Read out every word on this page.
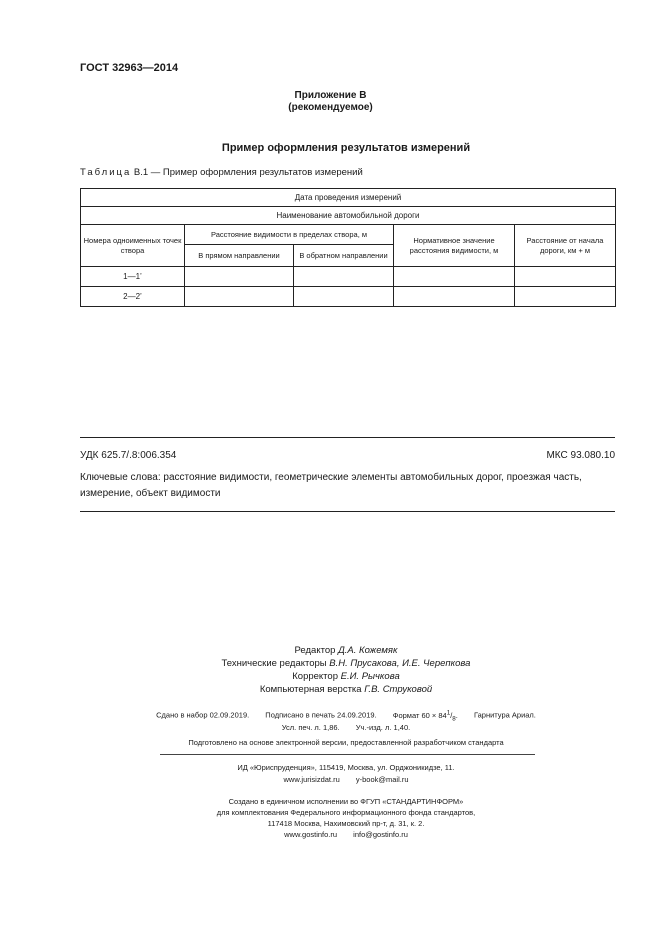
ГОСТ 32963—2014
Приложение В
(рекомендуемое)
Пример оформления результатов измерений
Таблица В.1 — Пример оформления результатов измерений
Дата проведения измерений				
Наименование автомобильной дороги				
Номера одноименных точек створа	Расстояние видимости в пределах створа, м		Нормативное значение расстояния видимости, м	Расстояние от начала дороги, км + м
	В прямом направлении	В обратном направлении		
1—1’				
2—2’				
УДК 625.7/.8:006.354	МКС 93.080.10
Ключевые слова: расстояние видимости, геометрические элементы автомобильных дорог, проезжая часть, измерение, объект видимости
Редактор Д.А. Кожемяк
Технические редакторы В.Н. Прусакова, И.Е. Черепкова
Корректор Е.И. Рычкова
Компьютерная верстка Г.В. Струковой
Сдано в набор 02.09.2019. Подписано в печать 24.09.2019. Формат $60 \times 84^1/_8$. Гарнитура Ариал.
Усл. печ. л. 1,86. Уч.-изд. л. 1,40.
Подготовлено на основе электронной версии, предоставленной разработчиком стандарта
ИД «Юриспруденция», 115419, Москва, ул. Орджоникидзе, 11.
www.jurisizdat.ru y-book@mail.ru
Создано в единичном исполнении во ФГУП «СТАНДАРТИНФОРМ»
для комплектования Федерального информационного фонда стандартов,
117418 Москва, Нахимовский пр-т, д. 31, к. 2.
www.gostinfo.ru info@gostinfo.ru
